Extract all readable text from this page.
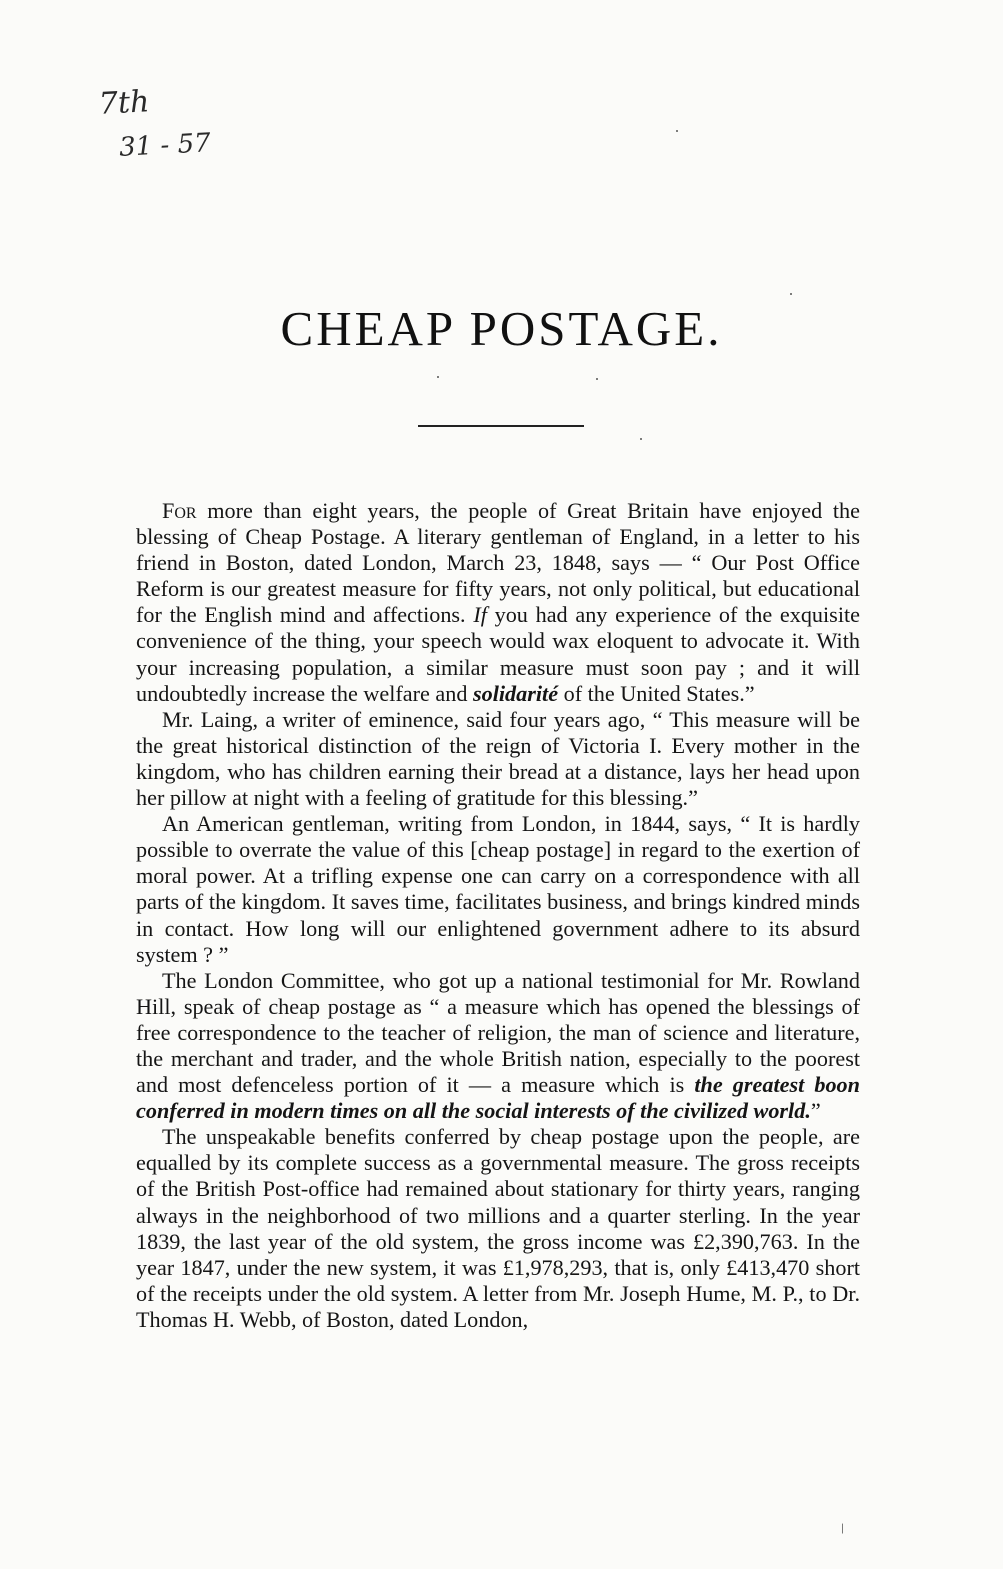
7th
31 - 57
CHEAP POSTAGE.

For more than eight years, the people of Great Britain have enjoyed the blessing of Cheap Postage. A literary gentleman of England, in a letter to his friend in Boston, dated London, March 23, 1848, says — “ Our Post Office Reform is our greatest measure for fifty years, not only political, but educational for the English mind and affections. If you had any experience of the exquisite convenience of the thing, your speech would wax eloquent to advocate it. With your increasing population, a similar measure must soon pay ; and it will undoubtedly increase the welfare and solidarité of the United States.”

Mr. Laing, a writer of eminence, said four years ago, “ This measure will be the great historical distinction of the reign of Victoria I. Every mother in the kingdom, who has children earning their bread at a distance, lays her head upon her pillow at night with a feeling of gratitude for this blessing.”

An American gentleman, writing from London, in 1844, says, “ It is hardly possible to overrate the value of this [cheap postage] in regard to the exertion of moral power. At a trifling expense one can carry on a correspondence with all parts of the kingdom. It saves time, facilitates business, and brings kindred minds in contact. How long will our enlightened government adhere to its absurd system ? ”

The London Committee, who got up a national testimonial for Mr. Rowland Hill, speak of cheap postage as “ a measure which has opened the blessings of free correspondence to the teacher of religion, the man of science and literature, the merchant and trader, and the whole British nation, especially to the poorest and most defenceless portion of it — a measure which is the greatest boon conferred in modern times on all the social interests of the civilized world.”

The unspeakable benefits conferred by cheap postage upon the people, are equalled by its complete success as a governmental measure. The gross receipts of the British Post-office had remained about stationary for thirty years, ranging always in the neighborhood of two millions and a quarter sterling. In the year 1839, the last year of the old system, the gross income was £2,390,763. In the year 1847, under the new system, it was £1,978,293, that is, only £413,470 short of the receipts under the old system. A letter from Mr. Joseph Hume, M. P., to Dr. Thomas H. Webb, of Boston, dated London,

\
